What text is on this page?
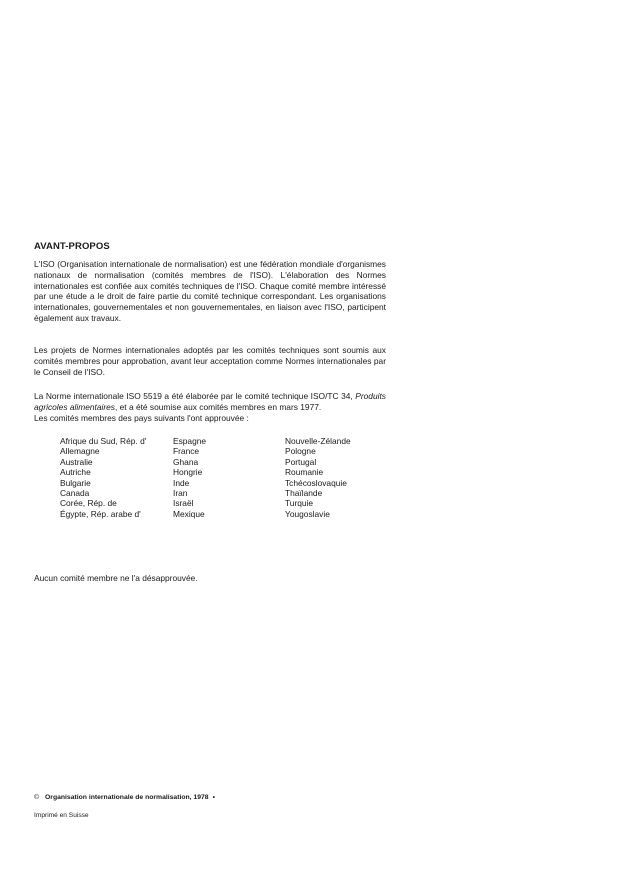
AVANT-PROPOS

L'ISO (Organisation internationale de normalisation) est une fédération mondiale d'organismes nationaux de normalisation (comités membres de l'ISO). L'élaboration des Normes internationales est confiée aux comités techniques de l'ISO. Chaque comité membre intéressé par une étude a le droit de faire partie du comité technique correspondant. Les organisations internationales, gouvernementales et non gouvernementales, en liaison avec l'ISO, participent également aux travaux.

Les projets de Normes internationales adoptés par les comités techniques sont soumis aux comités membres pour approbation, avant leur acceptation comme Normes internationales par le Conseil de l'ISO.

La Norme internationale ISO 5519 a été élaborée par le comité technique ISO/TC 34, Produits agricoles alimentaires, et a été soumise aux comités membres en mars 1977.

Les comités membres des pays suivants l'ont approuvée :

Afrique du Sud, Rép. d'
Allemagne
Australie
Autriche
Bulgarie
Canada
Corée, Rép. de
Égypte, Rép. arabe d'
Espagne
France
Ghana
Hongrie
Inde
Iran
Israël
Mexique
Nouvelle-Zélande
Pologne
Portugal
Roumanie
Tchécoslovaquie
Thaïlande
Turquie
Yougoslavie

Aucun comité membre ne l'a désapprouvée.

© Organisation internationale de normalisation, 1978 •
Imprimé en Suisse
